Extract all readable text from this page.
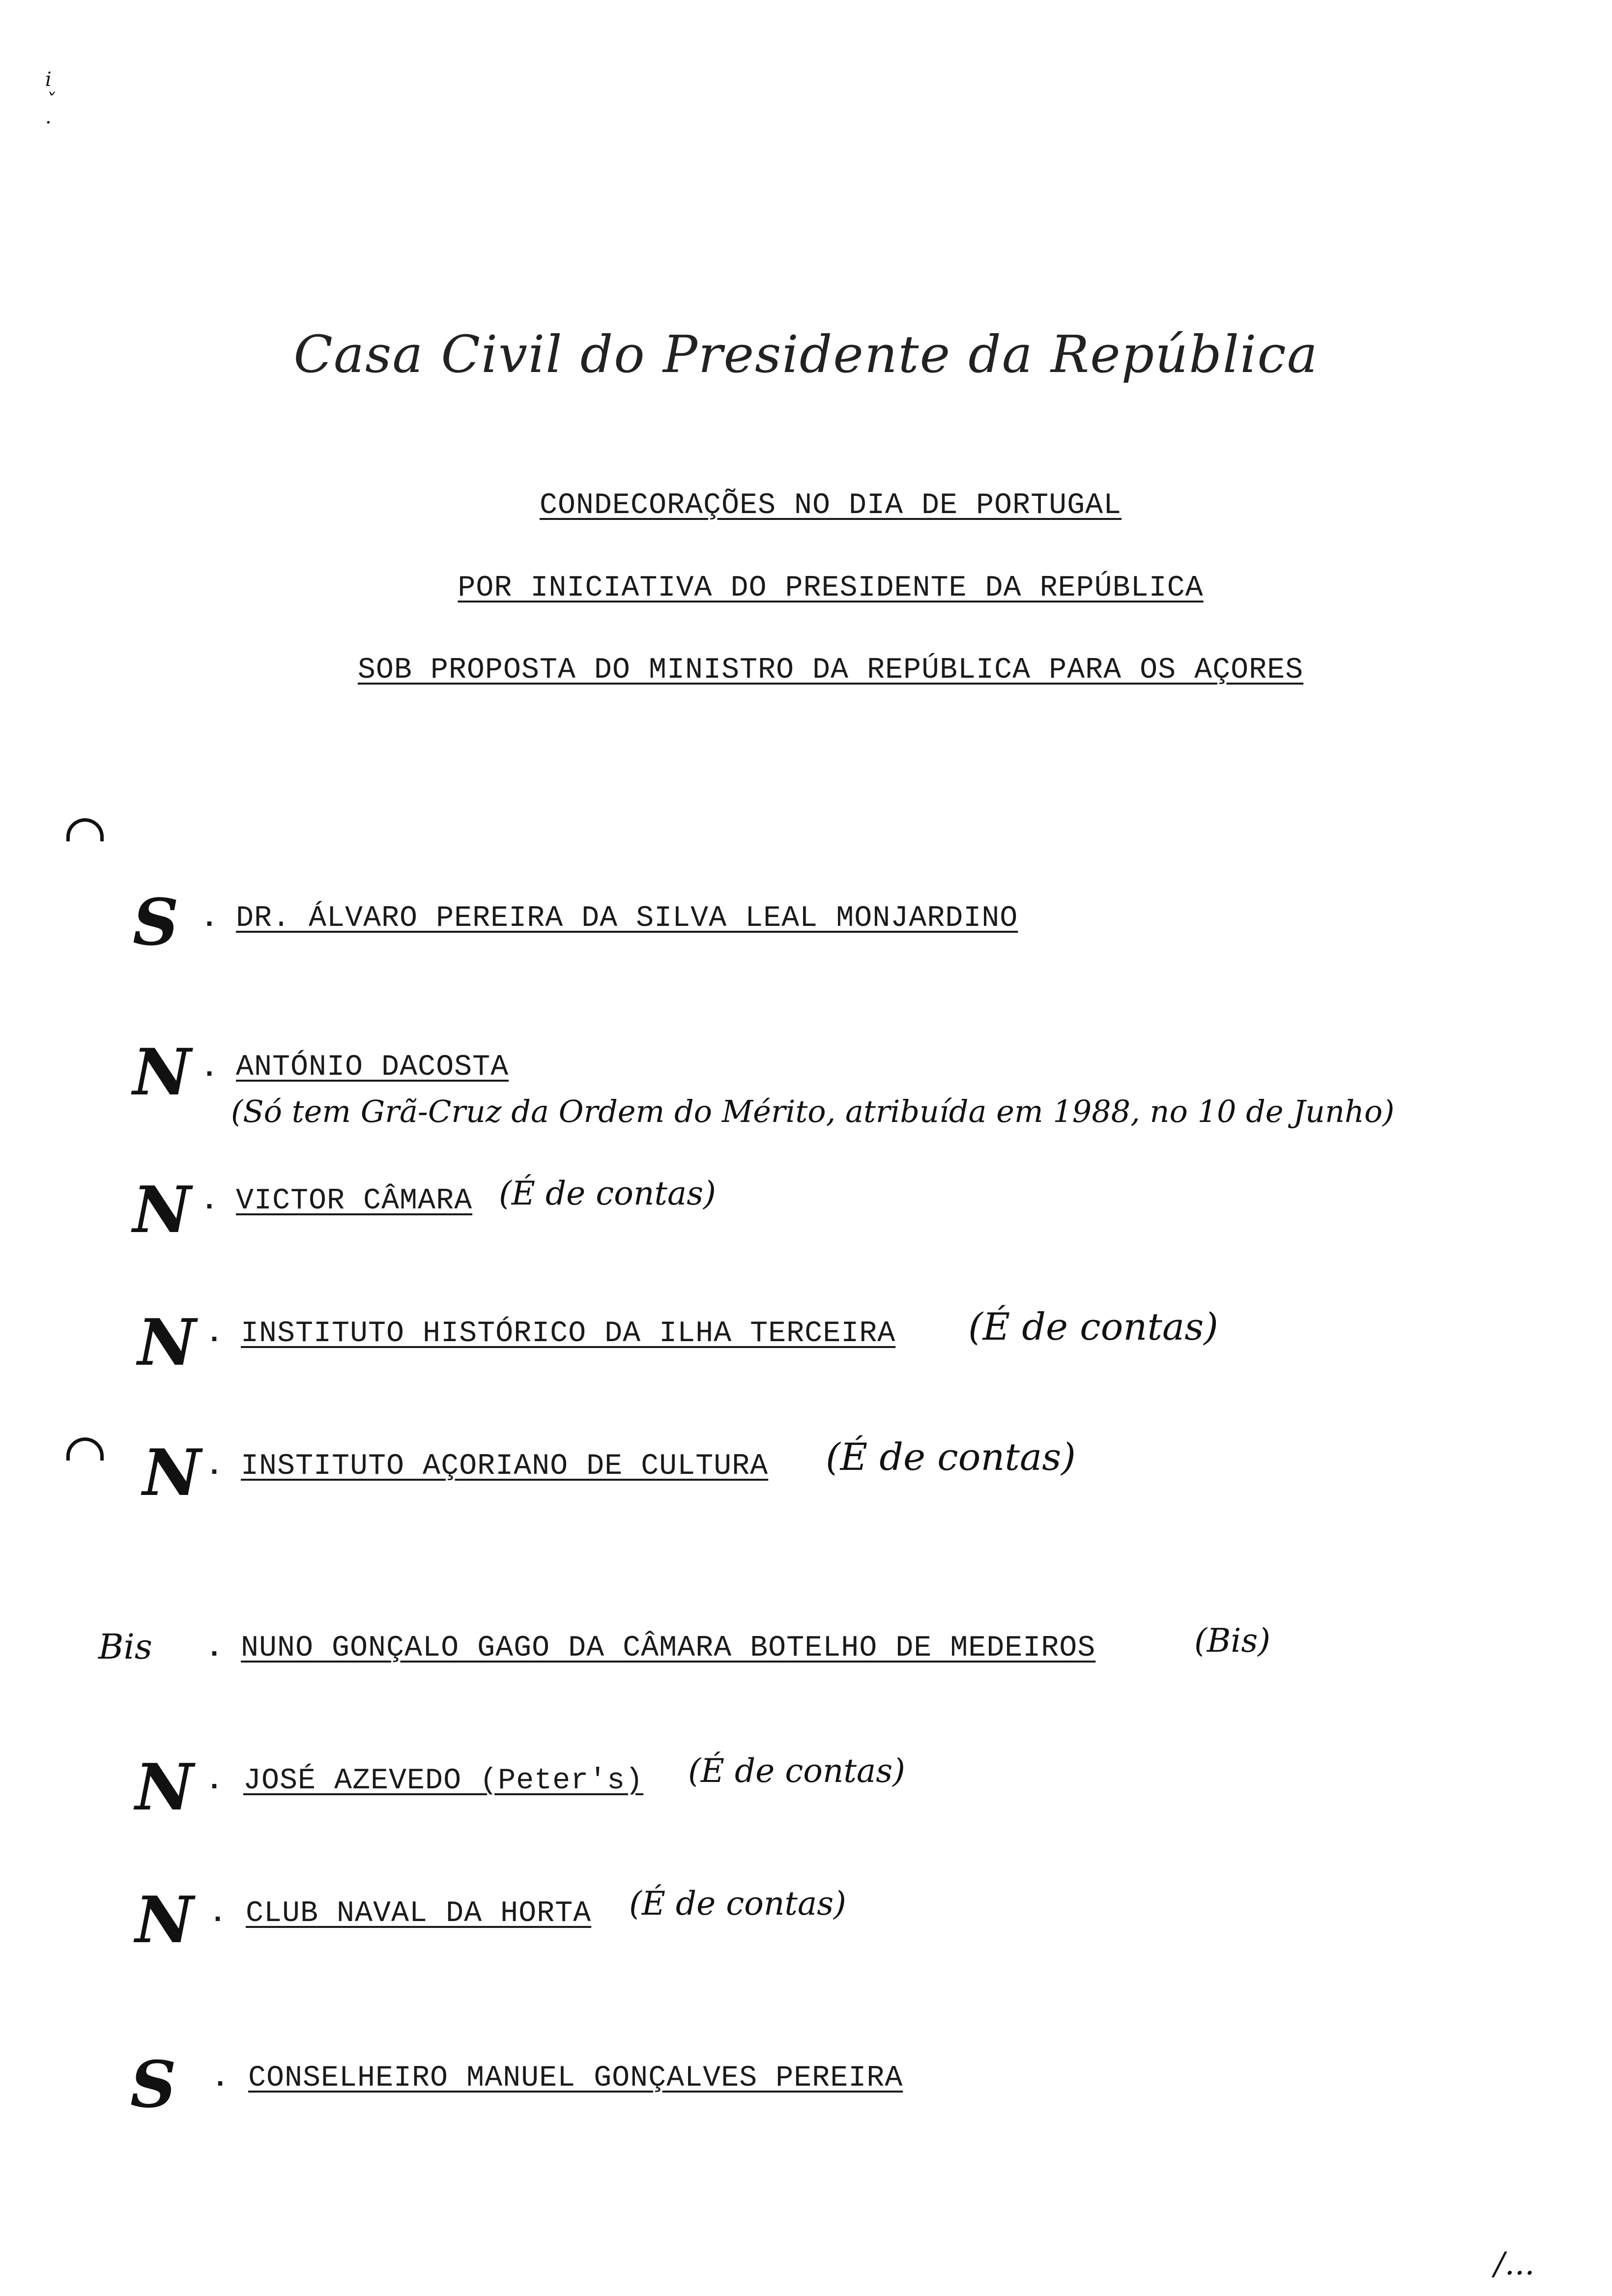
i
ˇ
·
Casa Civil do Presidente da República
CONDECORAÇÕES NO DIA DE PORTUGAL
POR INICIATIVA DO PRESIDENTE DA REPÚBLICA
SOB PROPOSTA DO MINISTRO DA REPÚBLICA PARA OS AÇORES
S . DR. ÁLVARO PEREIRA DA SILVA LEAL MONJARDINO
N . ANTÓNIO DACOSTA
(Só tem Grã-Cruz da Ordem do Mérito, atribuída em 1988, no 10 de Junho)
N . VICTOR CÂMARA (É de contas)
N . INSTITUTO HISTÓRICO DA ILHA TERCEIRA (É de contas)
N . INSTITUTO AÇORIANO DE CULTURA (É de contas)
Bis . NUNO GONÇALO GAGO DA CÂMARA BOTELHO DE MEDEIROS	(Bis)
N . JOSÉ AZEVEDO (Peter's) (É de contas)
N . CLUB NAVAL DA HORTA (É de contas)
S . CONSELHEIRO MANUEL GONÇALVES PEREIRA
/...
